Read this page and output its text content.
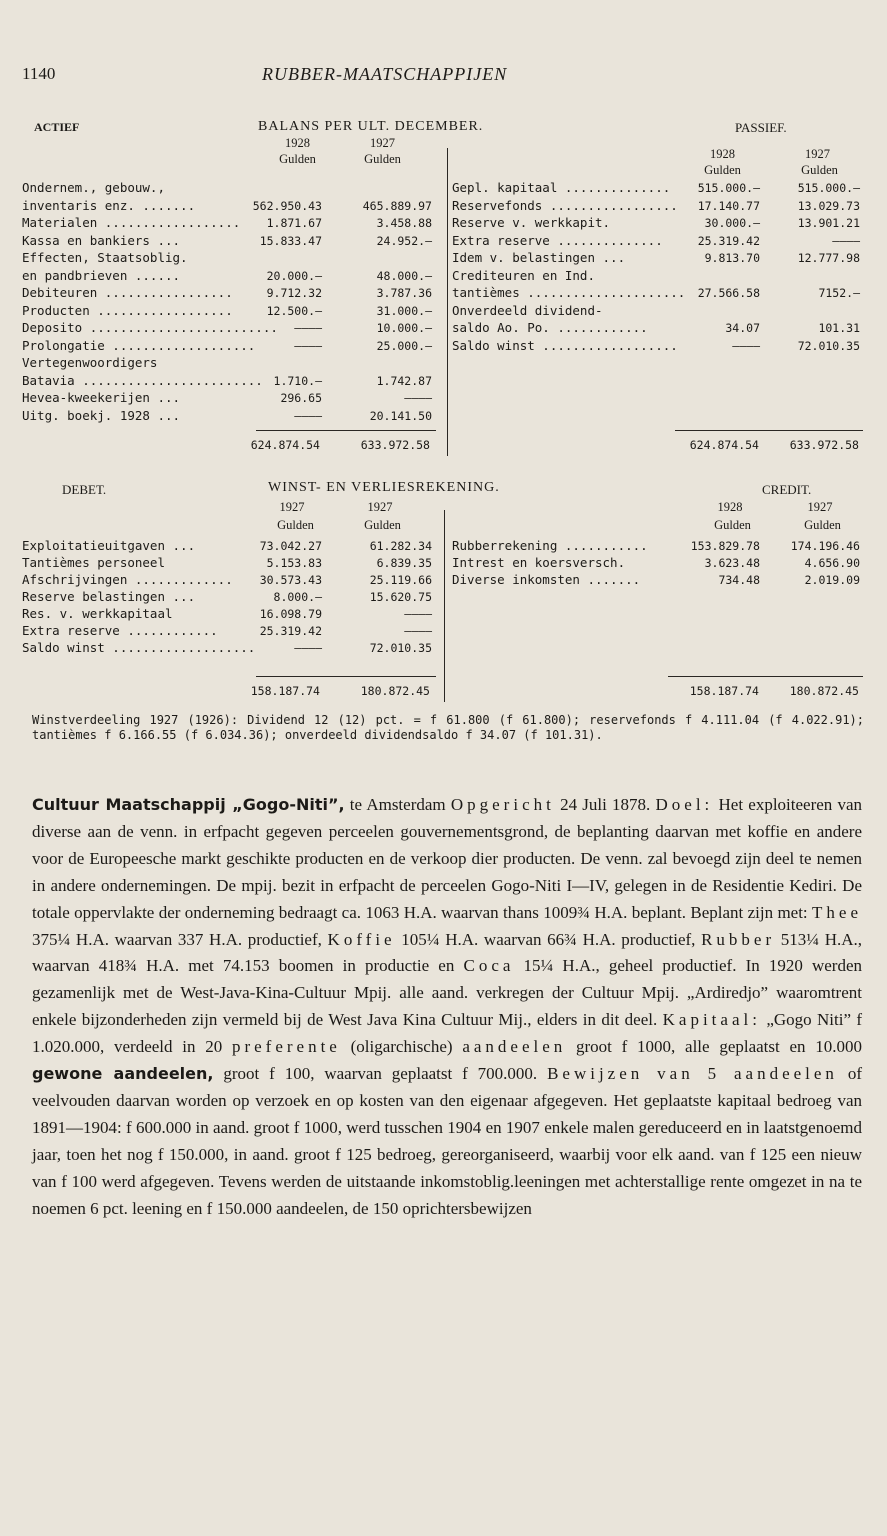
1140	RUBBER-MAATSCHAPPIJEN
ACTIEF	BALANS PER ULT. DECEMBER.	PASSIEF.
1928	1927
Gulden	Gulden	1928	1927
Gulden	Gulden
Ondernem., gebouw.,
inventaris enz. .......	562.950.43	465.889.97
Materialen ..................	1.871.67	3.458.88
Kassa en bankiers ...	15.833.47	24.952.—
Effecten, Staatsoblig.
en pandbrieven ......	20.000.—	48.000.—
Debiteuren .................	9.712.32	3.787.36
Producten ..................	12.500.—	31.000.—
Deposito .........................	————	10.000.—
Prolongatie ...................	————	25.000.—
Vertegenwoordigers
Batavia ........................ 1.710.—	1.742.87
Hevea-kweekerijen ...	296.65	————
Uitg. boekj. 1928 ...	————	20.141.50
Gepl. kapitaal ..............	515.000.—	515.000.—
Reservefonds .................	17.140.77	13.029.73
Reserve v. werkkapit.	30.000.—	13.901.21
Extra reserve ..............	25.319.42	————
Idem v. belastingen ...	9.813.70	12.777.98
Crediteuren en Ind.
tantièmes .....................	27.566.58	7152.—
Onverdeeld dividend-
saldo Ao. Po. ............	34.07	101.31
Saldo winst ..................	————	72.010.35
624.874.54	633.972.58	624.874.54	633.972.58
DEBET.	WINST- EN VERLIESREKENING.	CREDIT.
1927	1927
Gulden	Gulden
1928	1927
Gulden	Gulden
Exploitatieuitgaven ...	73.042.27	61.282.34
Tantièmes personeel	5.153.83	6.839.35
Afschrijvingen .............	30.573.43	25.119.66
Reserve belastingen ...	8.000.—	15.620.75
Res. v. werkkapitaal	16.098.79	————
Extra reserve ............	25.319.42	————
Saldo winst ...................	————	72.010.35
Rubberrekening ...........	153.829.78	174.196.46
Intrest en koersversch.	3.623.48	4.656.90
Diverse inkomsten .......	734.48	2.019.09
158.187.74	180.872.45	158.187.74	180.872.45
Winstverdeeling 1927 (1926): Dividend 12 (12) pct. = f 61.800 (f 61.800); reservefonds f 4.111.04 (f 4.022.91); tantièmes f 6.166.55 (f 6.034.36); onverdeeld dividendsaldo f 34.07 (f 101.31).

Cultuur Maatschappij „Gogo-Niti”, te Amsterdam Opgericht 24 Juli 1878. Doel: Het exploiteeren van diverse aan de venn. in erfpacht gegeven perceelen gouvernementsgrond, de beplanting daarvan met koffie en andere voor de Europeesche markt geschikte producten en de verkoop dier producten. De venn. zal bevoegd zijn deel te nemen in andere ondernemingen. De mpij. bezit in erfpacht de perceelen Gogo-Niti I—IV, gelegen in de Residentie Kediri. De totale oppervlakte der onderneming bedraagt ca. 1063 H.A. waarvan thans 1009¾ H.A. beplant. Beplant zijn met: Thee 375¼ H.A. waarvan 337 H.A. productief, Koffie 105¼ H.A. waarvan 66¾ H.A. productief, Rubber 513¼ H.A., waarvan 418¾ H.A. met 74.153 boomen in productie en Coca 15¼ H.A., geheel productief. In 1920 werden gezamenlijk met de West-Java-Kina-Cultuur Mpij. alle aand. verkregen der Cultuur Mpij. „Ardiredjo” waaromtrent enkele bijzonderheden zijn vermeld bij de West Java Kina Cultuur Mij., elders in dit deel. Kapitaal: „Gogo Niti” f 1.020.000, verdeeld in 20 preferente (oligarchische) aandeelen groot f 1000, alle geplaatst en 10.000 gewone aandeelen, groot f 100, waarvan geplaatst f 700.000. Bewijzen van 5 aandeelen of veelvouden daarvan worden op verzoek en op kosten van den eigenaar afgegeven. Het geplaatste kapitaal bedroeg van 1891—1904: f 600.000 in aand. groot f 1000, werd tusschen 1904 en 1907 enkele malen gereduceerd en in laatstgenoemd jaar, toen het nog f 150.000, in aand. groot f 125 bedroeg, gereorganiseerd, waarbij voor elk aand. van f 125 een nieuw van f 100 werd afgegeven. Tevens werden de uitstaande inkomstoblig.leeningen met achterstallige rente omgezet in na te noemen 6 pct. leening en f 150.000 aandeelen, de 150 oprichtersbewijzen
